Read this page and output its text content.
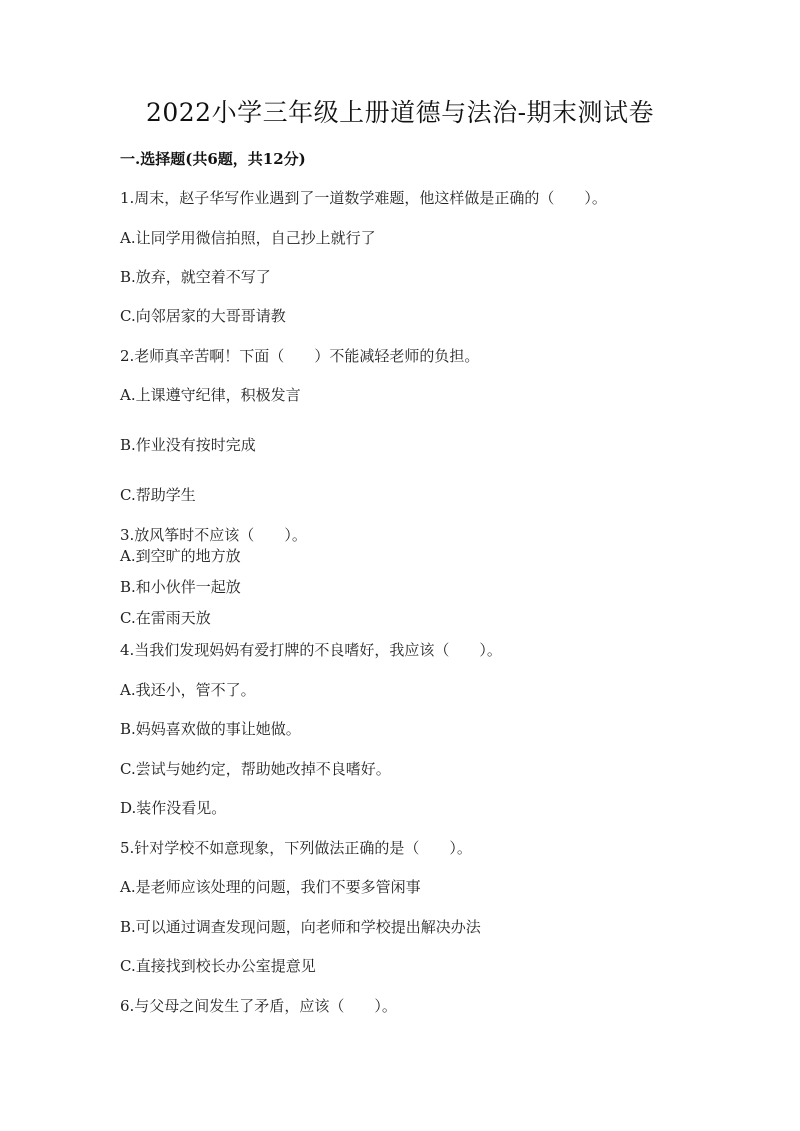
2022小学三年级上册道德与法治-期末测试卷
一.选择题(共6题，共12分)
1.周末，赵子华写作业遇到了一道数学难题，他这样做是正确的（　　）。
A.让同学用微信拍照，自己抄上就行了
B.放弃，就空着不写了
C.向邻居家的大哥哥请教
2.老师真辛苦啊！下面（　　）不能减轻老师的负担。
A.上课遵守纪律，积极发言
B.作业没有按时完成
C.帮助学生
3.放风筝时不应该（　　）。
A.到空旷的地方放
B.和小伙伴一起放
C.在雷雨天放
4.当我们发现妈妈有爱打牌的不良嗜好，我应该（　　）。
A.我还小，管不了。
B.妈妈喜欢做的事让她做。
C.尝试与她约定，帮助她改掉不良嗜好。
D.装作没看见。
5.针对学校不如意现象，下列做法正确的是（　　）。
A.是老师应该处理的问题，我们不要多管闲事
B.可以通过调查发现问题，向老师和学校提出解决办法
C.直接找到校长办公室提意见
6.与父母之间发生了矛盾，应该（　　）。
